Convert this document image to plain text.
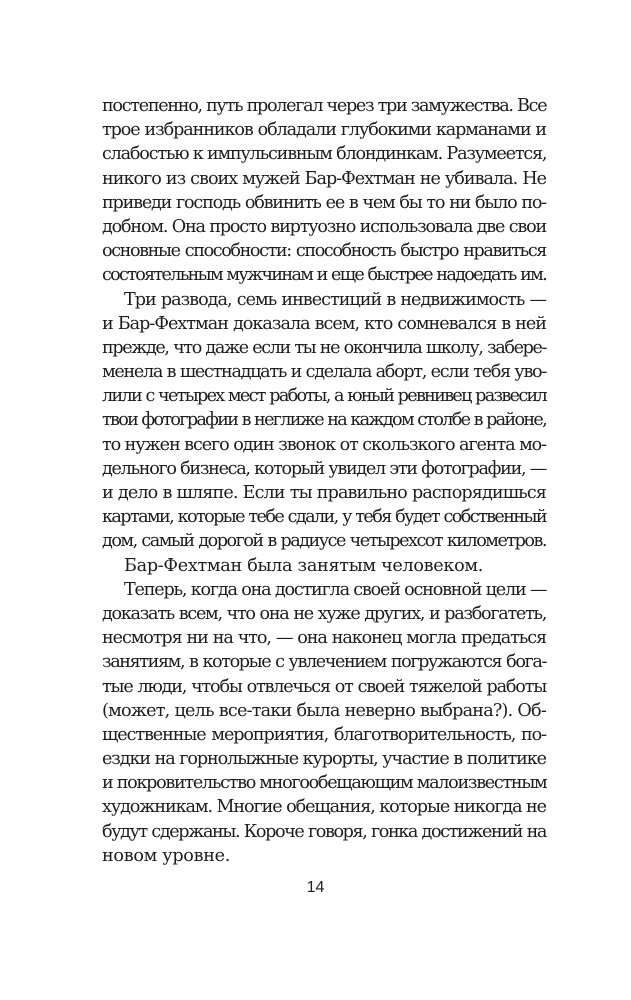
постепенно, путь пролегал через три замужества. Все
трое избранников обладали глубокими карманами и
слабостью к импульсивным блондинкам. Разумеется,
никого из своих мужей Бар-Фехтман не убивала. Не
приведи господь обвинить ее в чем бы то ни было по-
добном. Она просто виртуозно использовала две свои
основные способности: способность быстро нравиться
состоятельным мужчинам и еще быстрее надоедать им.
Три развода, семь инвестиций в недвижимость —
и Бар-Фехтман доказала всем, кто сомневался в ней
прежде, что даже если ты не окончила школу, забере-
менела в шестнадцать и сделала аборт, если тебя уво-
лили с четырех мест работы, а юный ревнивец развесил
твои фотографии в неглиже на каждом столбе в районе,
то нужен всего один звонок от скользкого агента мо-
дельного бизнеса, который увидел эти фотографии, —
и дело в шляпе. Если ты правильно распорядишься
картами, которые тебе сдали, у тебя будет собственный
дом, самый дорогой в радиусе четырехсот километров.
Бар-Фехтман была занятым человеком.
Теперь, когда она достигла своей основной цели —
доказать всем, что она не хуже других, и разбогатеть,
несмотря ни на что, — она наконец могла предаться
занятиям, в которые с увлечением погружаются бога-
тые люди, чтобы отвлечься от своей тяжелой работы
(может, цель все-таки была неверно выбрана?). Об-
щественные мероприятия, благотворительность, по-
ездки на горнолыжные курорты, участие в политике
и покровительство многообещающим малоизвестным
художникам. Многие обещания, которые никогда не
будут сдержаны. Короче говоря, гонка достижений на
новом уровне.
14
